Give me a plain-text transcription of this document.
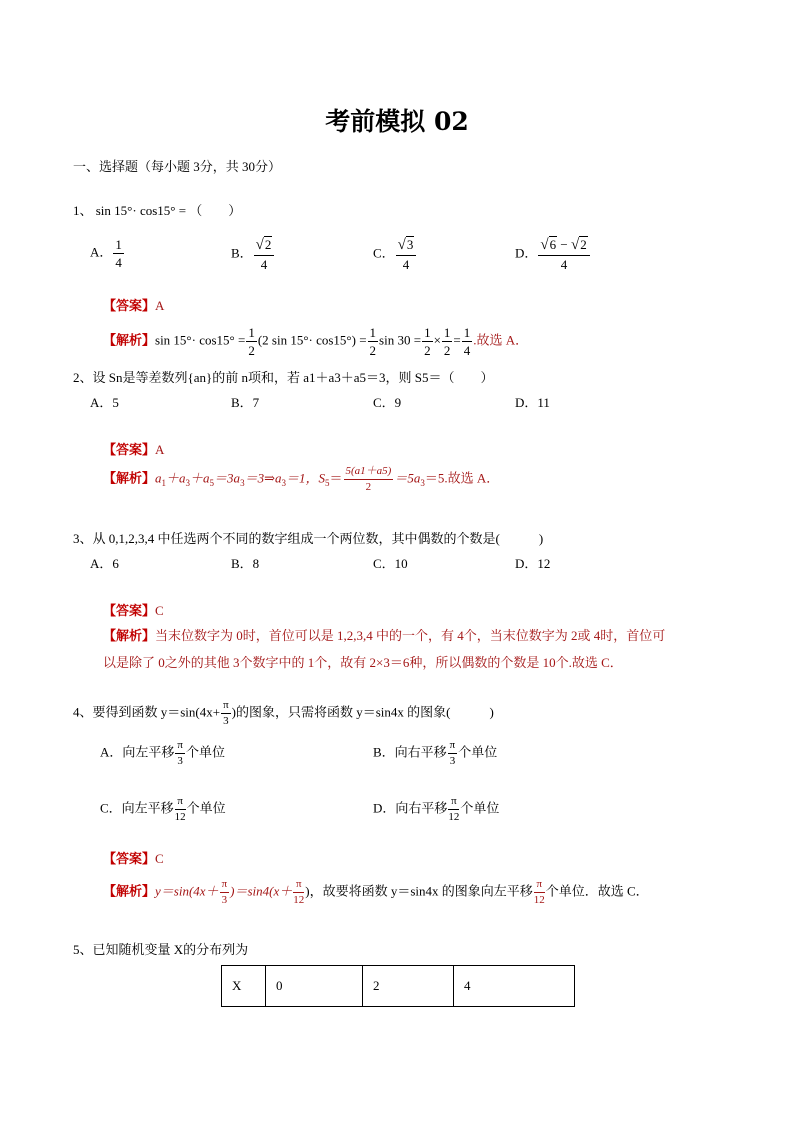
考前模拟 02
一、选择题（每小题 3分，共 30分）
1、 sin 15°· cos15° = （　　）
A． $\frac{1}{4}$	B． $\frac{√2}{4}$	C． $\frac{√3}{4}$	D． $\frac{√6 - √2}{4}$
【答案】A
【解析】$\sin 15^\circ\cdot \cos 15^\circ = \frac{1}{2} (2$ $\sin 15^\circ\cdot \cos 15^\circ) = \frac{1}{2}$ $\sin 30 = \frac{1}{2} \times \frac{1}{2} = \frac{1}{4}$ .故选 A．
2、设 Sn是等差数列{an}的前 n项和，若 a1＋a3＋a5＝3，则 S5＝（　　）
A．5	B．7	C．9	D．11
【答案】A
【解析】$a_1+a_3+a_5=3a_3=3\Rightarrow a_3=1$，$S_5= \frac{5(a1+a5)}{2} =5a_3=5$.故选 A．
3、从 0,1,2,3,4 中任选两个不同的数字组成一个两位数，其中偶数的个数是(　　　)
A．6	B．8	C．10	D．12
【答案】C
【解析】当末位数字为 0时，首位可以是 1,2,3,4 中的一个，有 4个，当末位数字为 2或 4时，首位可
以是除了 0之外的其他 3个数字中的 1个，故有 2×3＝6种，所以偶数的个数是 10个.故选 C．
4、要得到函数 $y=\sin(4x+ \frac{\pi}{3}$ )的图象，只需将函数 y＝sin4x 的图象(　　　)
A．向左平移 $\frac{\pi}{3}$ 个单位	B．向右平移 $\frac{\pi}{3}$ 个单位
C．向左平移 $\frac{\pi}{12}$ 个单位	D．向右平移 $\frac{\pi}{12}$ 个单位
【答案】C
【解析】$y=\sin(4x+ \frac{\pi}{3} )=\sin 4(x+ \frac{\pi}{12}$ )，故要将函数 y＝sin4x 的图象向左平移 $\frac{\pi}{12}$ 个单位．故选 C．
5、已知随机变量 X的分布列为
X	0	2	4
